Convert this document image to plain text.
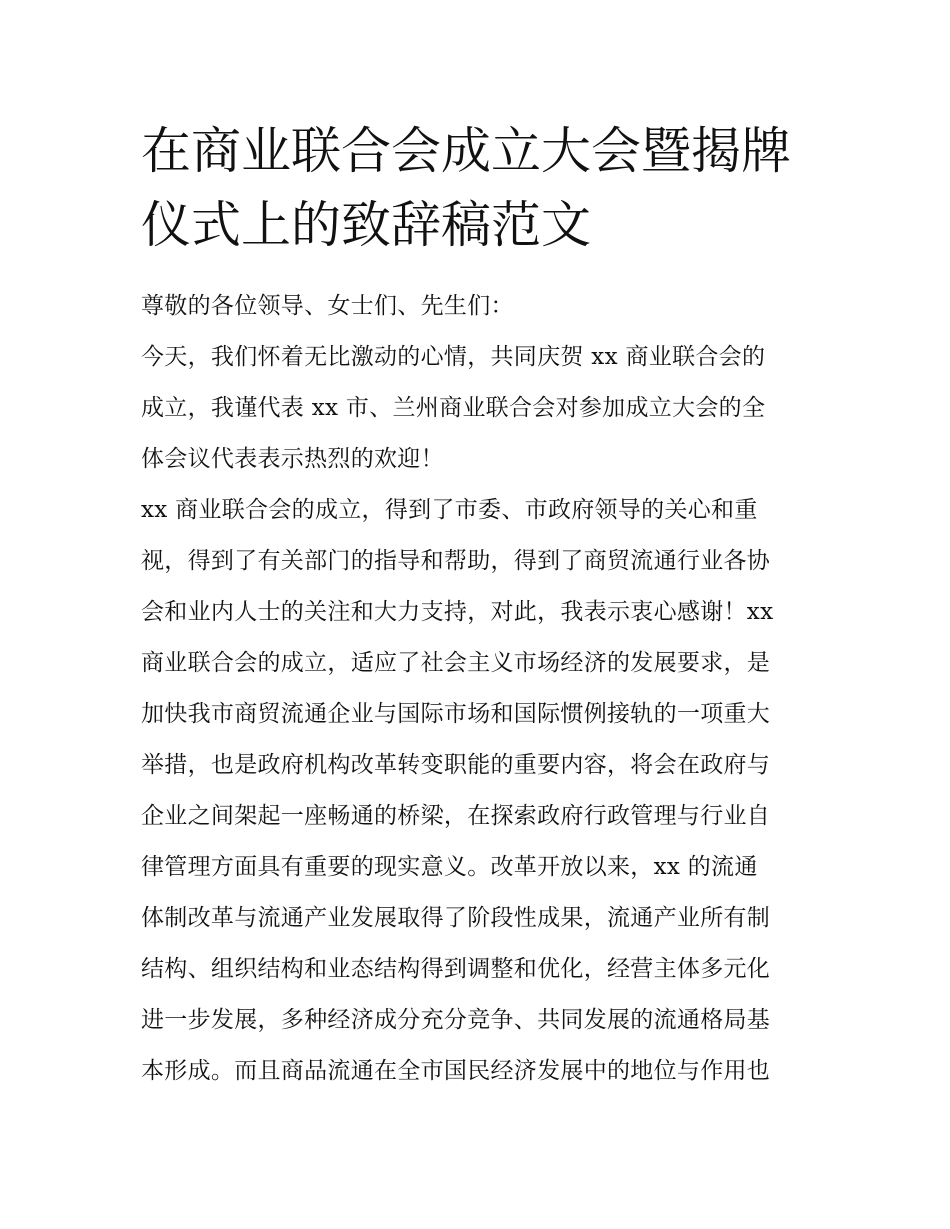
在商业联合会成立大会暨揭牌
仪式上的致辞稿范文
尊敬的各位领导、女士们、先生们：
今天，我们怀着无比激动的心情，共同庆贺 xx 商业联合会的
成立，我谨代表 xx 市、兰州商业联合会对参加成立大会的全
体会议代表表示热烈的欢迎！
xx 商业联合会的成立，得到了市委、市政府领导的关心和重
视，得到了有关部门的指导和帮助，得到了商贸流通行业各协
会和业内人士的关注和大力支持，对此，我表示衷心感谢！xx
商业联合会的成立，适应了社会主义市场经济的发展要求，是
加快我市商贸流通企业与国际市场和国际惯例接轨的一项重大
举措，也是政府机构改革转变职能的重要内容，将会在政府与
企业之间架起一座畅通的桥梁，在探索政府行政管理与行业自
律管理方面具有重要的现实意义。改革开放以来，xx 的流通
体制改革与流通产业发展取得了阶段性成果，流通产业所有制
结构、组织结构和业态结构得到调整和优化，经营主体多元化
进一步发展，多种经济成分充分竞争、共同发展的流通格局基
本形成。而且商品流通在全市国民经济发展中的地位与作用也
